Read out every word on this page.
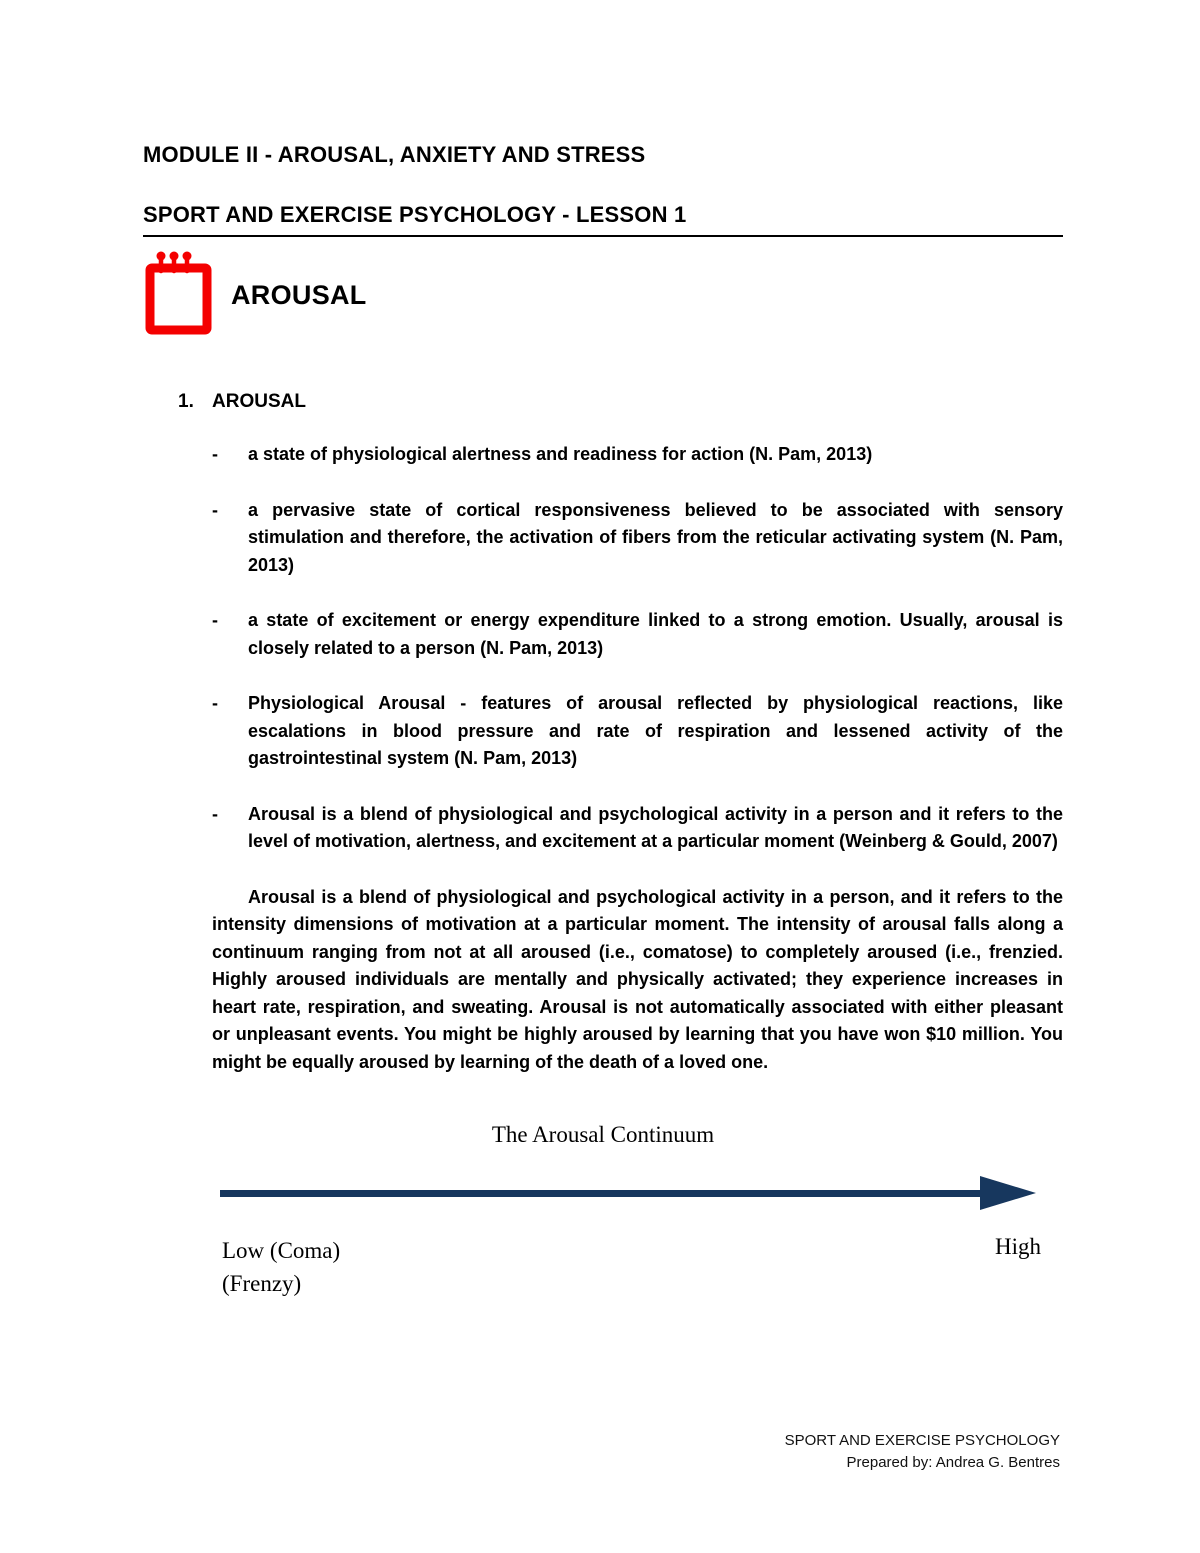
MODULE II - AROUSAL, ANXIETY AND STRESS
SPORT AND EXERCISE PSYCHOLOGY - LESSON 1
AROUSAL
1. AROUSAL
-	a state of physiological alertness and readiness for action (N. Pam, 2013)
-	a pervasive state of cortical responsiveness believed to be associated with sensory stimulation and therefore, the activation of fibers from the reticular activating system (N. Pam, 2013)
-	a state of excitement or energy expenditure linked to a strong emotion. Usually, arousal is closely related to a person (N. Pam, 2013)
-	Physiological Arousal - features of arousal reflected by physiological reactions, like escalations in blood pressure and rate of respiration and lessened activity of the gastrointestinal system (N. Pam, 2013)
-	Arousal is a blend of physiological and psychological activity in a person and it refers to the level of motivation, alertness, and excitement at a particular moment (Weinberg & Gould, 2007)
Arousal is a blend of physiological and psychological activity in a person, and it refers to the intensity dimensions of motivation at a particular moment. The intensity of arousal falls along a continuum ranging from not at all aroused (i.e., comatose) to completely aroused (i.e., frenzied. Highly aroused individuals are mentally and physically activated; they experience increases in heart rate, respiration, and sweating. Arousal is not automatically associated with either pleasant or unpleasant events. You might be highly aroused by learning that you have won $10 million. You might be equally aroused by learning of the death of a loved one.
The Arousal Continuum
Low (Coma)
(Frenzy)
High
SPORT AND EXERCISE PSYCHOLOGY
Prepared by: Andrea G. Bentres
